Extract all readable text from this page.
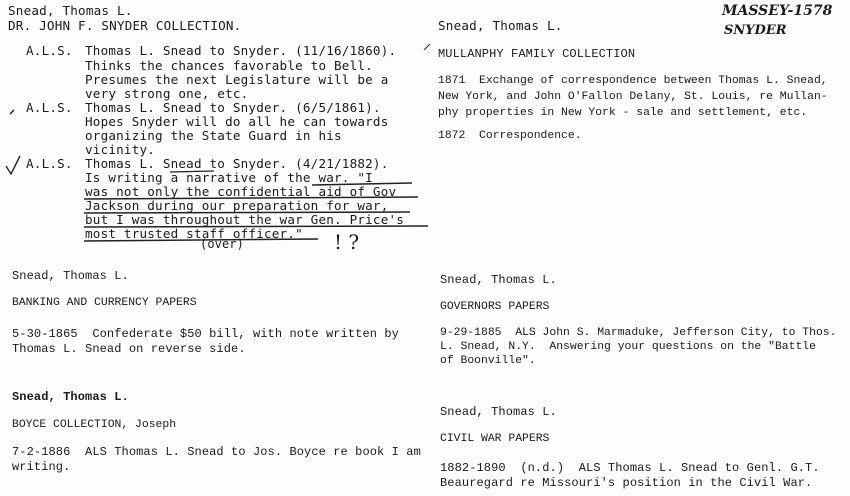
MASSEY-1578
SNYDER
Snead, Thomas L.
DR. JOHN F. SNYDER COLLECTION.
A.L.S. Thomas L. Snead to Snyder. (11/16/1860).
Thinks the chances favorable to Bell.
Presumes the next Legislature will be a
very strong one, etc.
A.L.S. Thomas L. Snead to Snyder. (6/5/1861).
Hopes Snyder will do all he can towards
organizing the State Guard in his
vicinity.
A.L.S. Thomas L. Snead to Snyder. (4/21/1882).
Is writing a narrative of the war. "I
was not only the confidential aid of Gov
Jackson during our preparation for war,
but I was throughout the war Gen. Price's
most trusted staff officer."
(over)	! ?
Snead, Thomas L.
MULLANPHY FAMILY COLLECTION
1871  Exchange of correspondence between Thomas L. Snead,
New York, and John O'Fallon Delany, St. Louis, re Mullan-
phy properties in New York - sale and settlement, etc.
1872  Correspondence.
Snead, Thomas L.
BANKING AND CURRENCY PAPERS
5-30-1865  Confederate $50 bill, with note written by
Thomas L. Snead on reverse side.
Snead, Thomas L.
GOVERNORS PAPERS
9-29-1885  ALS John S. Marmaduke, Jefferson City, to Thos.
L. Snead, N.Y.  Answering your questions on the "Battle
of Boonville".
Snead, Thomas L.
BOYCE COLLECTION, Joseph
7-2-1886  ALS Thomas L. Snead to Jos. Boyce re book I am
writing.
Snead, Thomas L.
CIVIL WAR PAPERS
1882-1890  (n.d.)  ALS Thomas L. Snead to Genl. G.T.
Beauregard re Missouri's position in the Civil War.
